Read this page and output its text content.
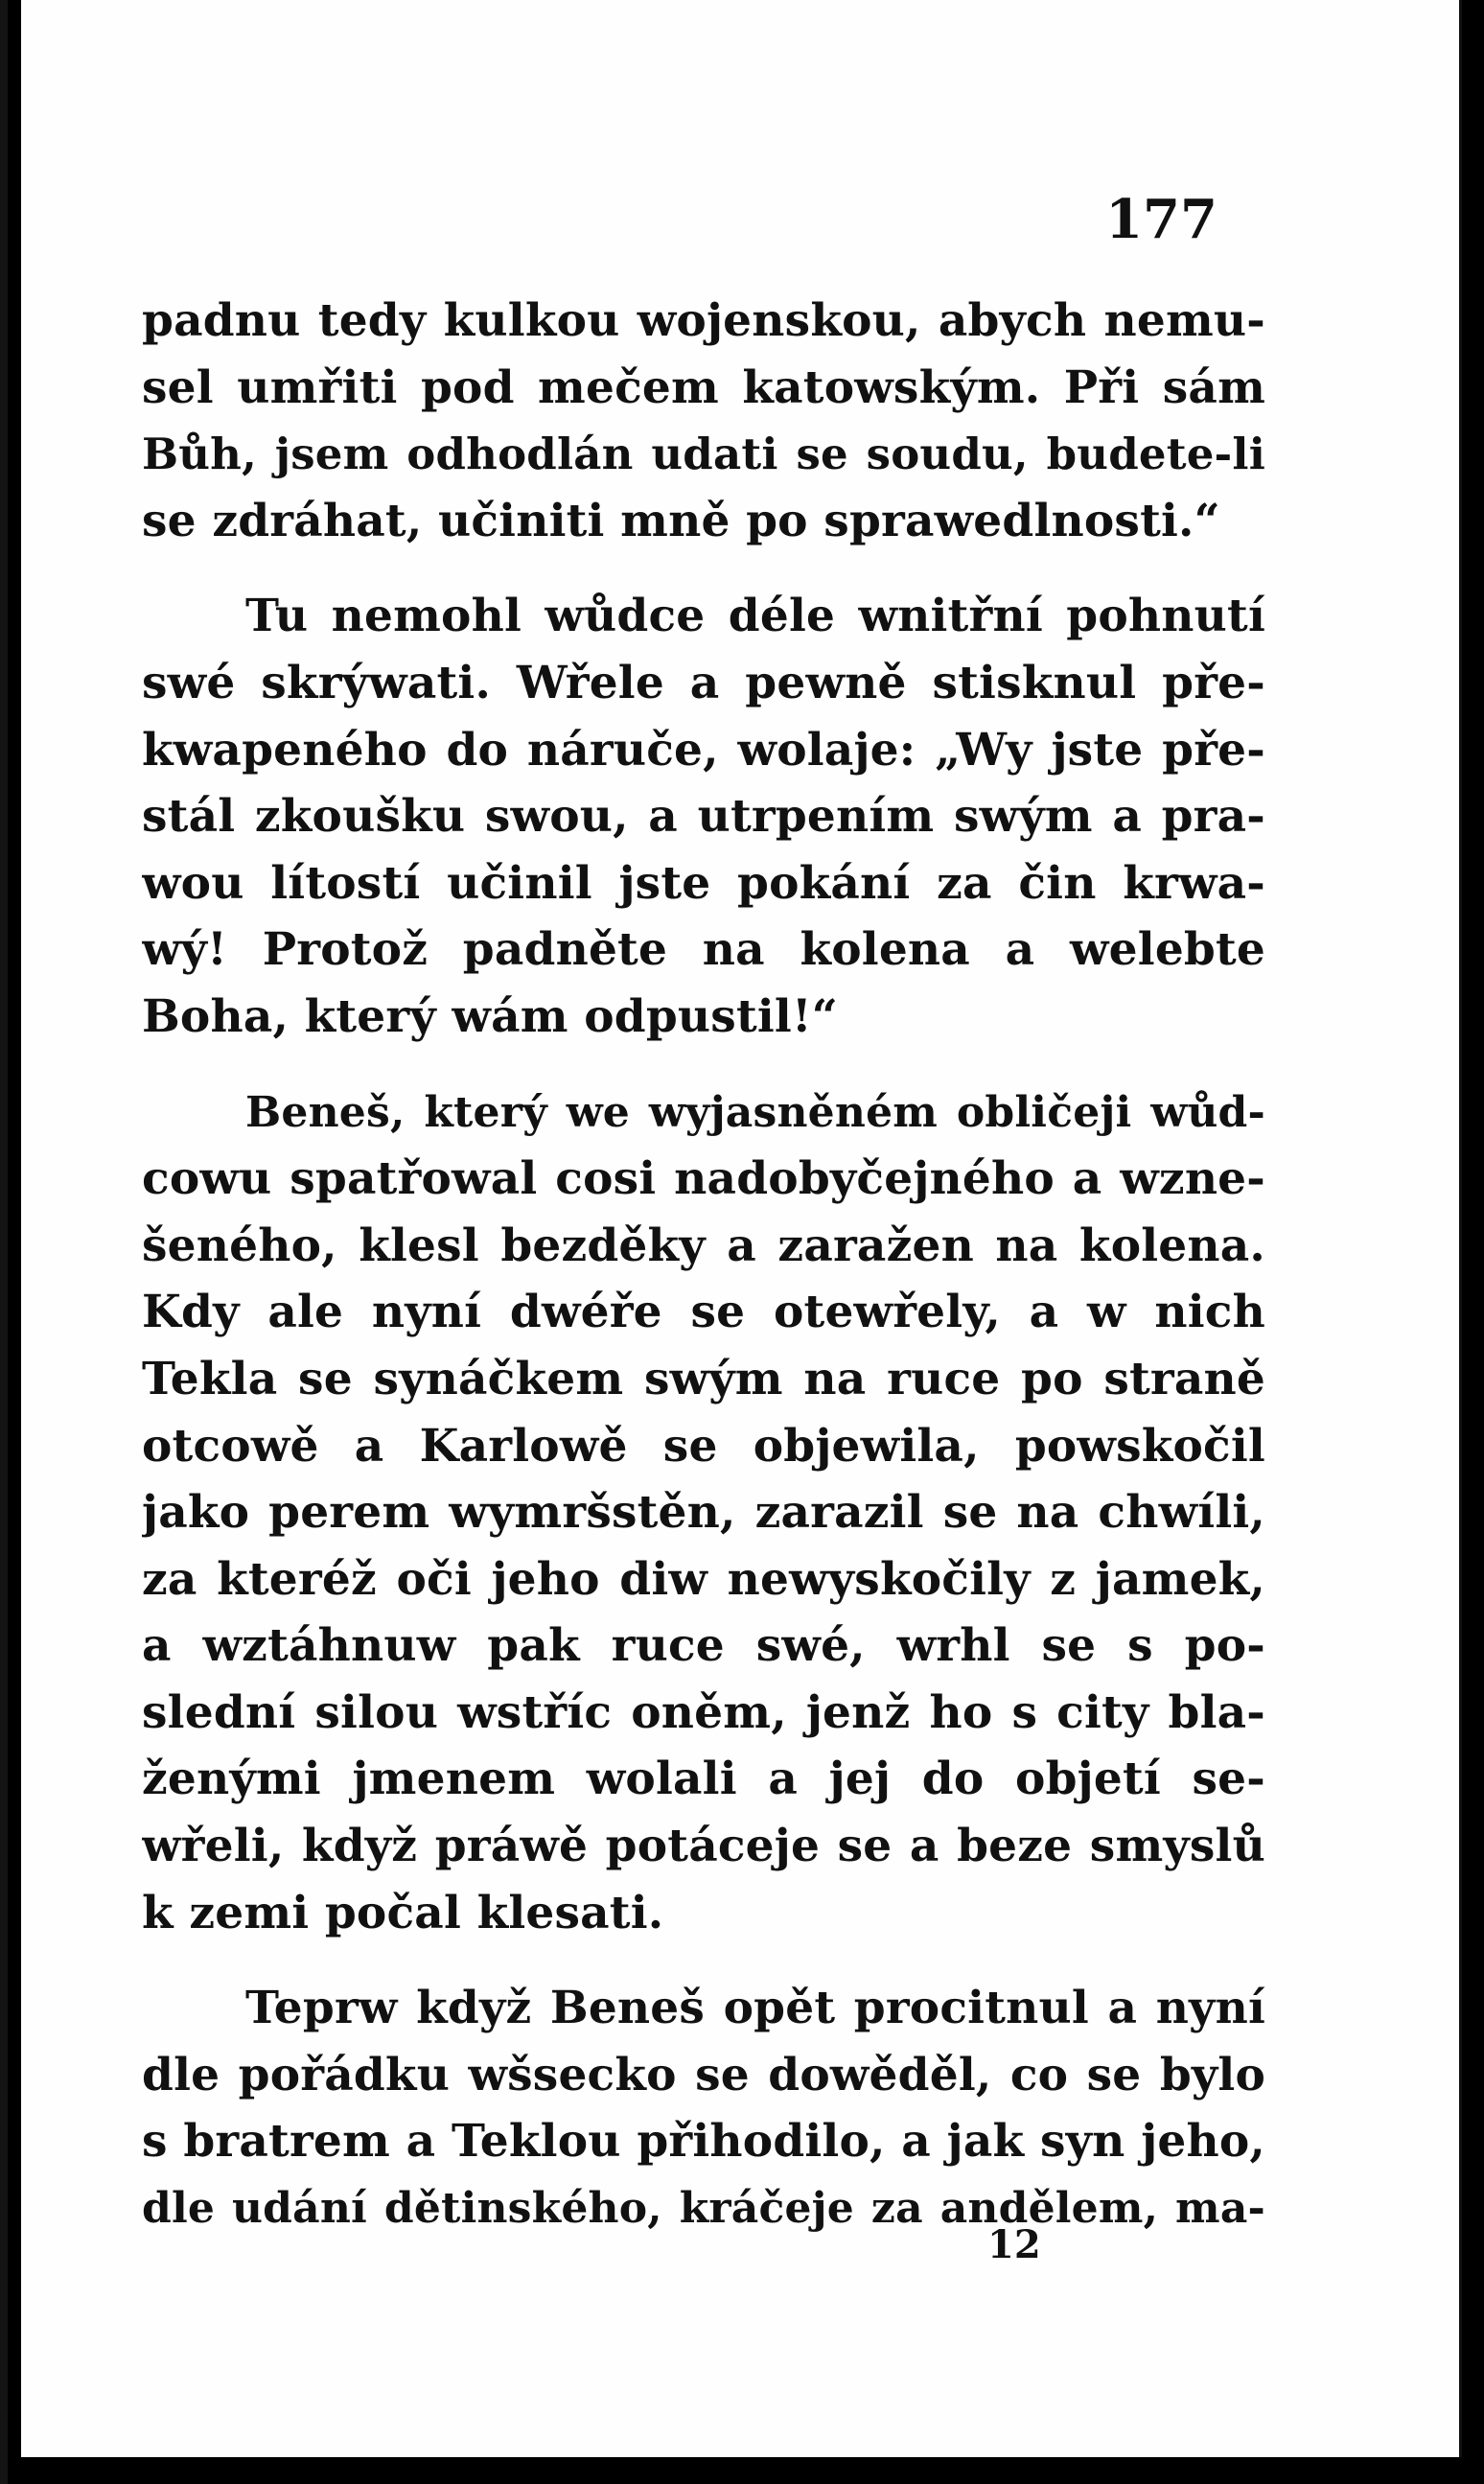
177
padnu tedy kulkou wojenskou, abych nemu-
sel umřiti pod mečem katowským. Při sám
Bůh, jsem odhodlán udati se soudu, budete-li
se zdráhat, učiniti mně po sprawedlnosti.“
Tu nemohl wůdce déle wnitřní pohnutí
swé skrýwati. Wřele a pewně stisknul pře-
kwapeného do náruče, wolaje: „Wy jste pře-
stál zkoušku swou, a utrpením swým a pra-
wou lítostí učinil jste pokání za čin krwa-
wý! Protož padněte na kolena a welebte
Boha, který wám odpustil!“
Beneš, který we wyjasněném obličeji wůd-
cowu spatřowal cosi nadobyčejného a wzne-
šeného, klesl bezděky a zaražen na kolena.
Kdy ale nyní dwéře se otewřely, a w nich
Tekla se synáčkem swým na ruce po straně
otcowě a Karlowě se objewila, powskočil
jako perem wymršstěn, zarazil se na chwíli,
za kteréž oči jeho diw newyskočily z jamek,
a wztáhnuw pak ruce swé, wrhl se s po-
slední silou wstříc oněm, jenž ho s city bla-
ženými jmenem wolali a jej do objetí se-
wřeli, když práwě potáceje se a beze smyslů
k zemi počal klesati.
Teprw když Beneš opět procitnul a nyní
dle pořádku wšsecko se dowěděl, co se bylo
s bratrem a Teklou přihodilo, a jak syn jeho,
dle udání dětinského, kráčeje za andělem, ma-
12
